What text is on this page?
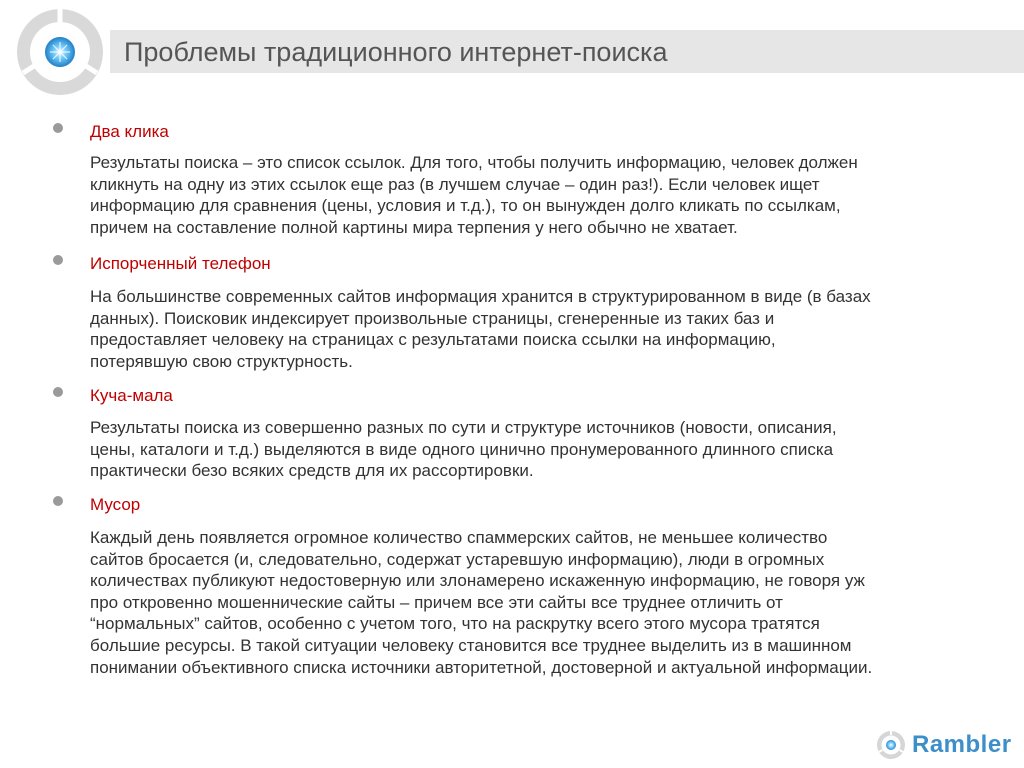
Проблемы традиционного интернет-поиска
Два клика

Результаты поиска – это список ссылок. Для того, чтобы получить информацию, человек должен
кликнуть на одну из этих ссылок еще раз (в лучшем случае – один раз!). Если человек ищет
информацию для сравнения (цены, условия и т.д.), то он вынужден долго кликать по ссылкам,
причем на составление полной картины мира терпения у него обычно не хватает.

Испорченный телефон

На большинстве современных сайтов информация хранится в структурированном в виде (в базах
данных). Поисковик индексирует произвольные страницы, сгенеренные из таких баз и
предоставляет человеку на страницах с результатами поиска ссылки на информацию,
потерявшую свою структурность.

Куча-мала

Результаты поиска из совершенно разных по сути и структуре источников (новости, описания,
цены, каталоги и т.д.) выделяются в виде одного цинично пронумерованного длинного списка
практически безо всяких средств для их рассортировки.

Мусор

Каждый день появляется огромное количество спаммерских сайтов, не меньшее количество
сайтов бросается (и, следовательно, содержат устаревшую информацию), люди в огромных
количествах публикуют недостоверную или злонамерено искаженную информацию, не говоря уж
про откровенно мошеннические сайты – причем все эти сайты все труднее отличить от
“нормальных” сайтов, особенно с учетом того, что на раскрутку всего этого мусора тратятся
большие ресурсы. В такой ситуации человеку становится все труднее выделить из в машинном
понимании объективного списка источники авторитетной, достоверной и актуальной информации.

Rambler
